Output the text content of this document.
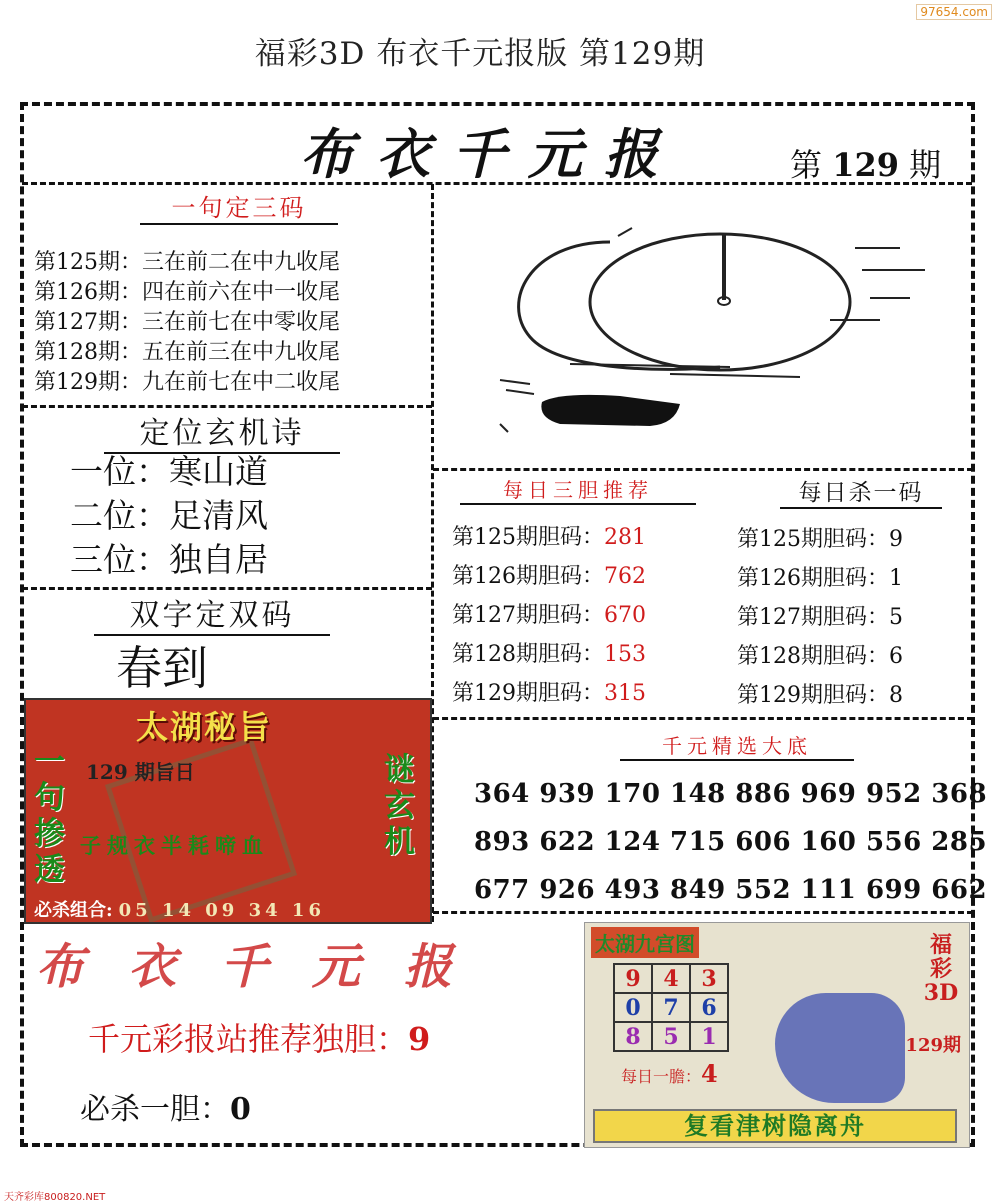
97654.com
福彩3D 布衣千元报版 第129期
布衣千元报	第 129 期
一句定三码
第125期：三在前二在中九收尾
第126期：四在前六在中一收尾
第127期：三在前七在中零收尾
第128期：五在前三在中九收尾
第129期：九在前七在中二收尾
定位玄机诗
一位：寒山道
二位：足清风
三位：独自居
双字定双码
春到
每日三胆推荐
第125期胆码：281
第126期胆码：762
第127期胆码：670
第128期胆码：153
第129期胆码：315
每日杀一码
第125期胆码：9
第126期胆码：1
第127期胆码：5
第128期胆码：6
第129期胆码：8
千元精选大底
364 939 170 148 886 969 952 368
893 622 124 715 606 160 556 285
677 926 493 849 552 111 699 662
太湖秘旨
一句掺透
谜玄机
129 期旨日
子规衣半耗啼血
必杀组合: 05 14 09 34 16
布衣千元报
千元彩报站推荐独胆：9
必杀一胆：0
太湖九宫图
9	4	3
0	7	6
8	5	1
福彩3D
129期
每日一膽：4
复看津树隐离舟
天齐彩库800820.NET
